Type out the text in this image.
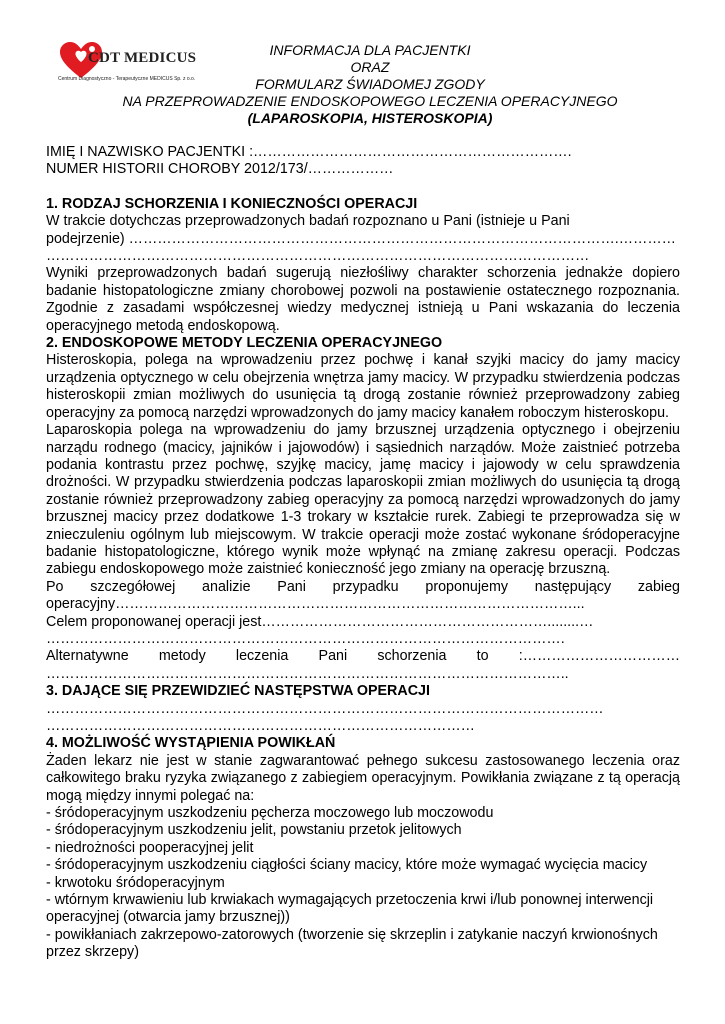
CDT MEDICUS
Centrum Diagnostyczno - Terapeutyczne MEDICUS Sp. z o.o.
INFORMACJA DLA PACJENTKI
ORAZ
FORMULARZ ŚWIADOMEJ ZGODY
NA PRZEPROWADZENIE ENDOSKOPOWEGO LECZENIA OPERACYJNEGO
(LAPAROSKOPIA, HISTEROSKOPIA)

IMIĘ I NAZWISKO PACJENTKI :………………………………………………………….

NUMER HISTORII CHOROBY 2012/173/………………

1. RODZAJ SCHORZENIA I KONIECZNOŚCI OPERACJI

W trakcie dotychczas przeprowadzonych badań rozpoznano u Pani (istnieje u Pani

podejrzenie) ………………………………………………………………………………………….…………

……………………………………………………………………………………………………

Wyniki przeprowadzonych badań sugerują niezłośliwy charakter schorzenia jednakże dopiero badanie histopatologiczne zmiany chorobowej pozwoli na postawienie ostatecznego rozpoznania. Zgodnie z zasadami współczesnej wiedzy medycznej istnieją u Pani wskazania do leczenia operacyjnego metodą endoskopową.

2. ENDOSKOPOWE METODY LECZENIA OPERACYJNEGO

Histeroskopia, polega na wprowadzeniu przez pochwę i kanał szyjki macicy do jamy macicy urządzenia optycznego w celu obejrzenia wnętrza jamy macicy. W przypadku stwierdzenia podczas histeroskopii zmian możliwych do usunięcia tą drogą zostanie również przeprowadzony zabieg operacyjny za pomocą narzędzi wprowadzonych do jamy macicy kanałem roboczym histeroskopu.

Laparoskopia polega na wprowadzeniu do jamy brzusznej urządzenia optycznego i obejrzeniu narządu rodnego (macicy, jajników i jajowodów) i sąsiednich narządów. Może zaistnieć potrzeba podania kontrastu przez pochwę, szyjkę macicy, jamę macicy i jajowody w celu sprawdzenia drożności. W przypadku stwierdzenia podczas laparoskopii zmian możliwych do usunięcia tą drogą zostanie również przeprowadzony zabieg operacyjny za pomocą narzędzi wprowadzonych do jamy brzusznej macicy przez dodatkowe 1-3 trokary w kształcie rurek. Zabiegi te przeprowadza się w znieczuleniu ogólnym lub miejscowym. W trakcie operacji może zostać wykonane śródoperacyjne badanie histopatologiczne, którego wynik może wpłynąć na zmianę zakresu operacji. Podczas zabiegu endoskopowego może zaistnieć konieczność jego zmiany na operację brzuszną.

Po szczegółowej analizie Pani przypadku proponujemy następujący zabieg

operacyjny……………………………………………………………………………………...

Celem proponowanej operacji jest……………………………………………………........…

……………………………………………………………………………………………….

Alternatywne metody leczenia Pani schorzenia to :……………………………

………………………………………………………………………………………………..

3. DAJĄCE SIĘ PRZEWIDZIEĆ NASTĘPSTWA OPERACJI

………………………………………………………………………………………………………

………………………………………………………………………………

4. MOŻLIWOŚĆ WYSTĄPIENIA POWIKŁAŃ

Żaden lekarz nie jest w stanie zagwarantować pełnego sukcesu zastosowanego leczenia oraz całkowitego braku ryzyka związanego z zabiegiem operacyjnym. Powikłania związane z tą operacją mogą między innymi polegać na:

- śródoperacyjnym uszkodzeniu pęcherza moczowego lub moczowodu

- śródoperacyjnym uszkodzeniu jelit, powstaniu przetok jelitowych

- niedrożności pooperacyjnej jelit

- śródoperacyjnym uszkodzeniu ciągłości ściany macicy, które może wymagać wycięcia macicy

- krwotoku śródoperacyjnym

- wtórnym krwawieniu lub krwiakach wymagających przetoczenia krwi i/lub ponownej interwencji operacyjnej (otwarcia jamy brzusznej))

- powikłaniach zakrzepowo-zatorowych (tworzenie się skrzeplin i zatykanie naczyń krwionośnych przez skrzepy)
